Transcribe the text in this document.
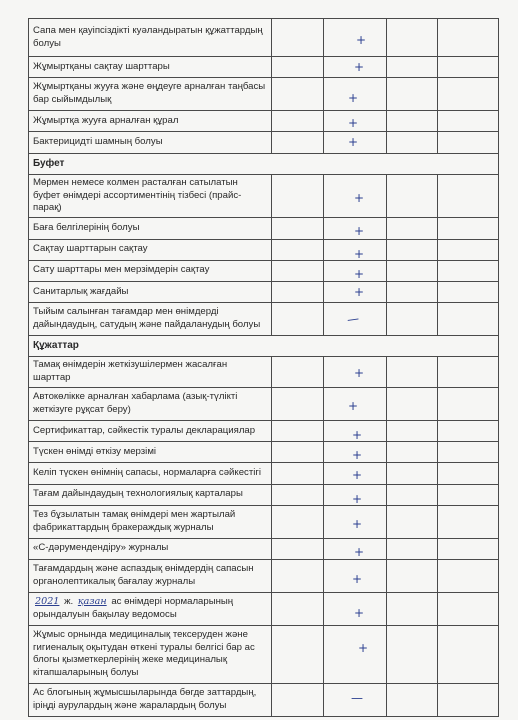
Сапа мен қауіпсіздікті куәландыратын құжаттардың болуы		+		
Жұмыртқаны сақтау шарттары		+		
Жұмыртқаны жууға және өңдеуге арналған таңбасы бар сыйымдылық		+		
Жұмыртқа жууға арналған құрал		+		
Бактерицидті шамның болуы		+		
Буфет				
Мөрмен немесе колмен расталған сатылатын буфет өнімдері ассортиментінің тізбесі (прайс-парақ)		+		
Баға белгілерінің болуы		+		
Сақтау шарттарын сақтау		+		
Сату шарттары мен мерзімдерін сақтау		+		
Санитарлық жағдайы		+		
Тыйым салынған тағамдар мен өнімдерді дайындаудың, сатудың және пайдаланудың болуы		—		
Құжаттар				
Тамақ өнімдерін жеткізушілермен жасалған шарттар		+		
Автокөлікке арналған хабарлама (азық-түлікті жеткізуге рұқсат беру)		+		
Сертификаттар, сәйкестік туралы декларациялар		+		
Түскен өнімді өткізу мерзімі		+		
Келіп түскен өнімнің сапасы, нормаларға сәйкестігі		+		
Тағам дайындаудың технологиялық карталары		+		
Тез бұзылатын тамақ өнімдері мен жартылай фабрикаттардың бракераждық журналы		+		
«С-дәрумендендіру» журналы		+		
Тағамдардың және аспаздық өнімдердің сапасын органолептикалық бағалау журналы		+		
2021 ж. қазан ас өнімдері нормаларының орындалуын бақылау ведомосы		+		
Жұмыс орнында медициналық тексеруден және гигиеналық оқытудан өткені туралы белгісі бар ас блогы қызметкерлерінің жеке медициналық кітапшаларының болуы		+		
Ас блогының жұмысшыларында бөгде заттардың, іріңді аурулардың және жаралардың болуы		—		
